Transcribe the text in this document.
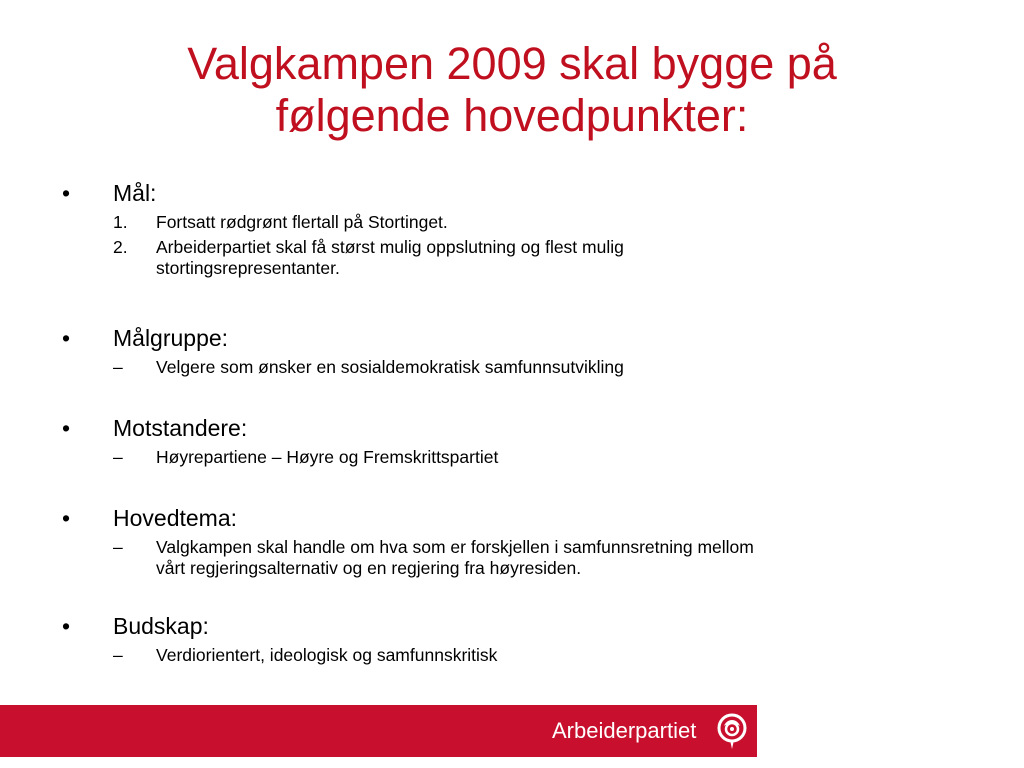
Valgkampen 2009 skal bygge på
følgende hovedpunkter:
• Mål:
1. Fortsatt rødgrønt flertall på Stortinget.
2. Arbeiderpartiet skal få størst mulig oppslutning og flest mulig
stortingsrepresentanter.
• Målgruppe:
– Velgere som ønsker en sosialdemokratisk samfunnsutvikling
• Motstandere:
– Høyrepartiene – Høyre og Fremskrittspartiet
• Hovedtema:
– Valgkampen skal handle om hva som er forskjellen i samfunnsretning mellom
vårt regjeringsalternativ og en regjering fra høyresiden.
• Budskap:
– Verdiorientert, ideologisk og samfunnskritisk
Arbeiderpartiet
